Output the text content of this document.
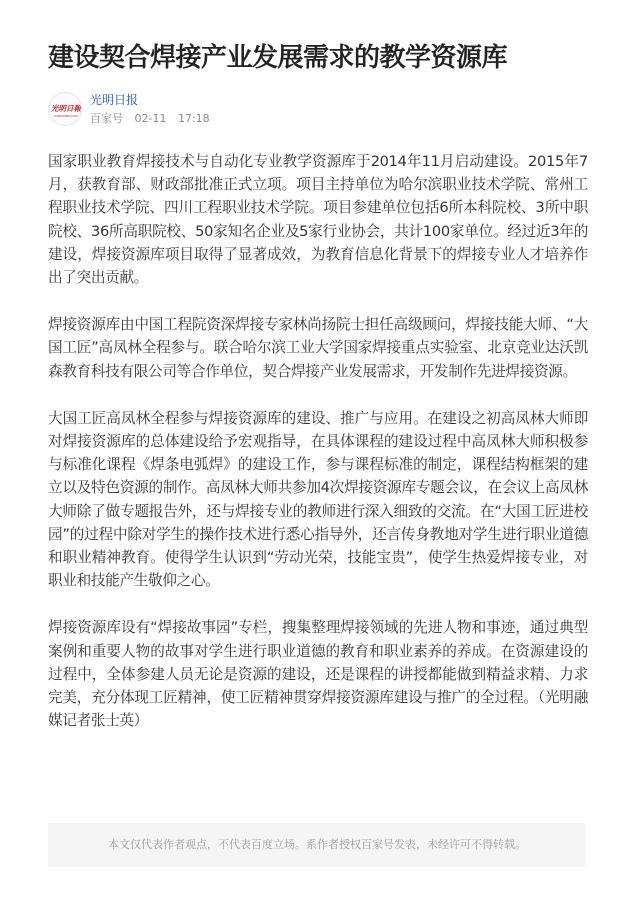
建设契合焊接产业发展需求的教学资源库
光明日報
GUANGMING DAILY
光明日报
百家号 02-11 17:18

国家职业教育焊接技术与自动化专业教学资源库于2014年11月启动建设。2015年7月，获教育部、财政部批准正式立项。项目主持单位为哈尔滨职业技术学院、常州工程职业技术学院、四川工程职业技术学院。项目参建单位包括6所本科院校、3所中职院校、36所高职院校、50家知名企业及5家行业协会，共计100家单位。经过近3年的建设，焊接资源库项目取得了显著成效，为教育信息化背景下的焊接专业人才培养作出了突出贡献。

焊接资源库由中国工程院资深焊接专家林尚扬院士担任高级顾问，焊接技能大师、“大国工匠”高凤林全程参与。联合哈尔滨工业大学国家焊接重点实验室、北京竞业达沃凯森教育科技有限公司等合作单位，契合焊接产业发展需求，开发制作先进焊接资源。

大国工匠高凤林全程参与焊接资源库的建设、推广与应用。在建设之初高凤林大师即对焊接资源库的总体建设给予宏观指导，在具体课程的建设过程中高凤林大师积极参与标准化课程《焊条电弧焊》的建设工作，参与课程标准的制定，课程结构框架的建立以及特色资源的制作。高凤林大师共参加4次焊接资源库专题会议，在会议上高凤林大师除了做专题报告外，还与焊接专业的教师进行深入细致的交流。在“大国工匠进校园”的过程中除对学生的操作技术进行悉心指导外，还言传身教地对学生进行职业道德和职业精神教育。使得学生认识到“劳动光荣，技能宝贵”，使学生热爱焊接专业，对职业和技能产生敬仰之心。

焊接资源库设有“焊接故事园”专栏，搜集整理焊接领域的先进人物和事迹，通过典型案例和重要人物的故事对学生进行职业道德的教育和职业素养的养成。在资源建设的过程中，全体参建人员无论是资源的建设，还是课程的讲授都能做到精益求精、力求完美，充分体现工匠精神，使工匠精神贯穿焊接资源库建设与推广的全过程。（光明融媒记者张士英）

本文仅代表作者观点，不代表百度立场。系作者授权百家号发表，未经许可不得转载。
